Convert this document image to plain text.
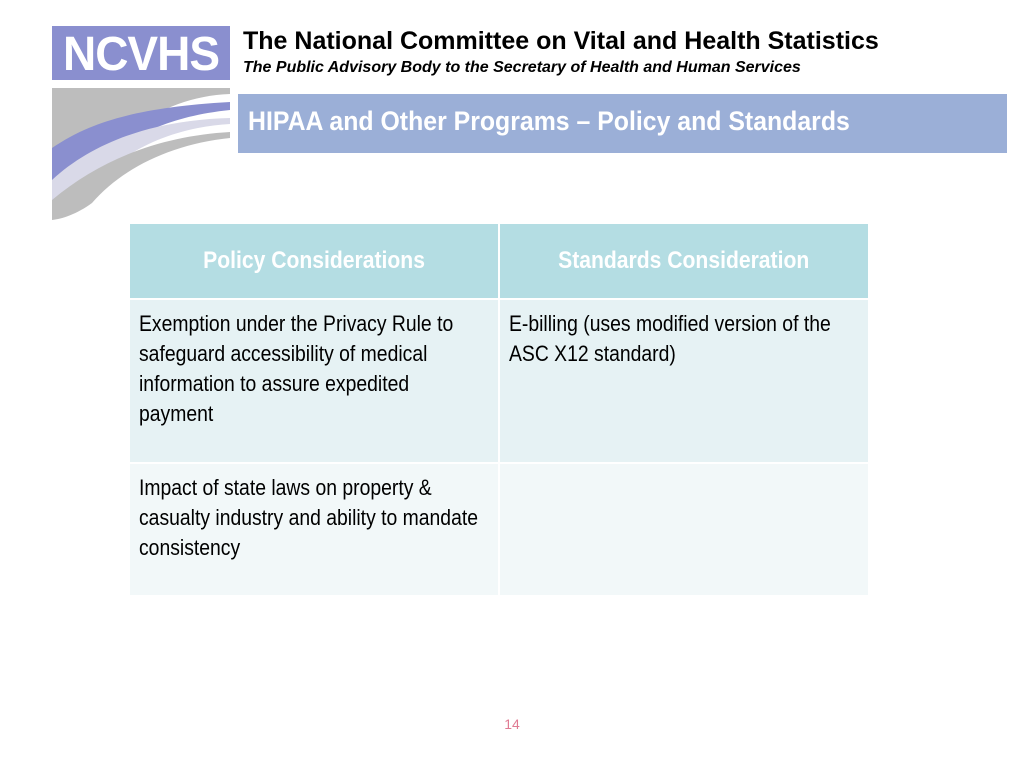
NCVHS The National Committee on Vital and Health Statistics

The Public Advisory Body to the Secretary of Health and Human Services

HIPAA and Other Programs – Policy and Standards
Policy Considerations	Standards Consideration
Exemption under the Privacy Rule to safeguard accessibility of medical information to assure expedited payment	E-billing (uses modified version of the ASC X12 standard)
Impact of state laws on property & casualty industry and ability to mandate consistency	
14
